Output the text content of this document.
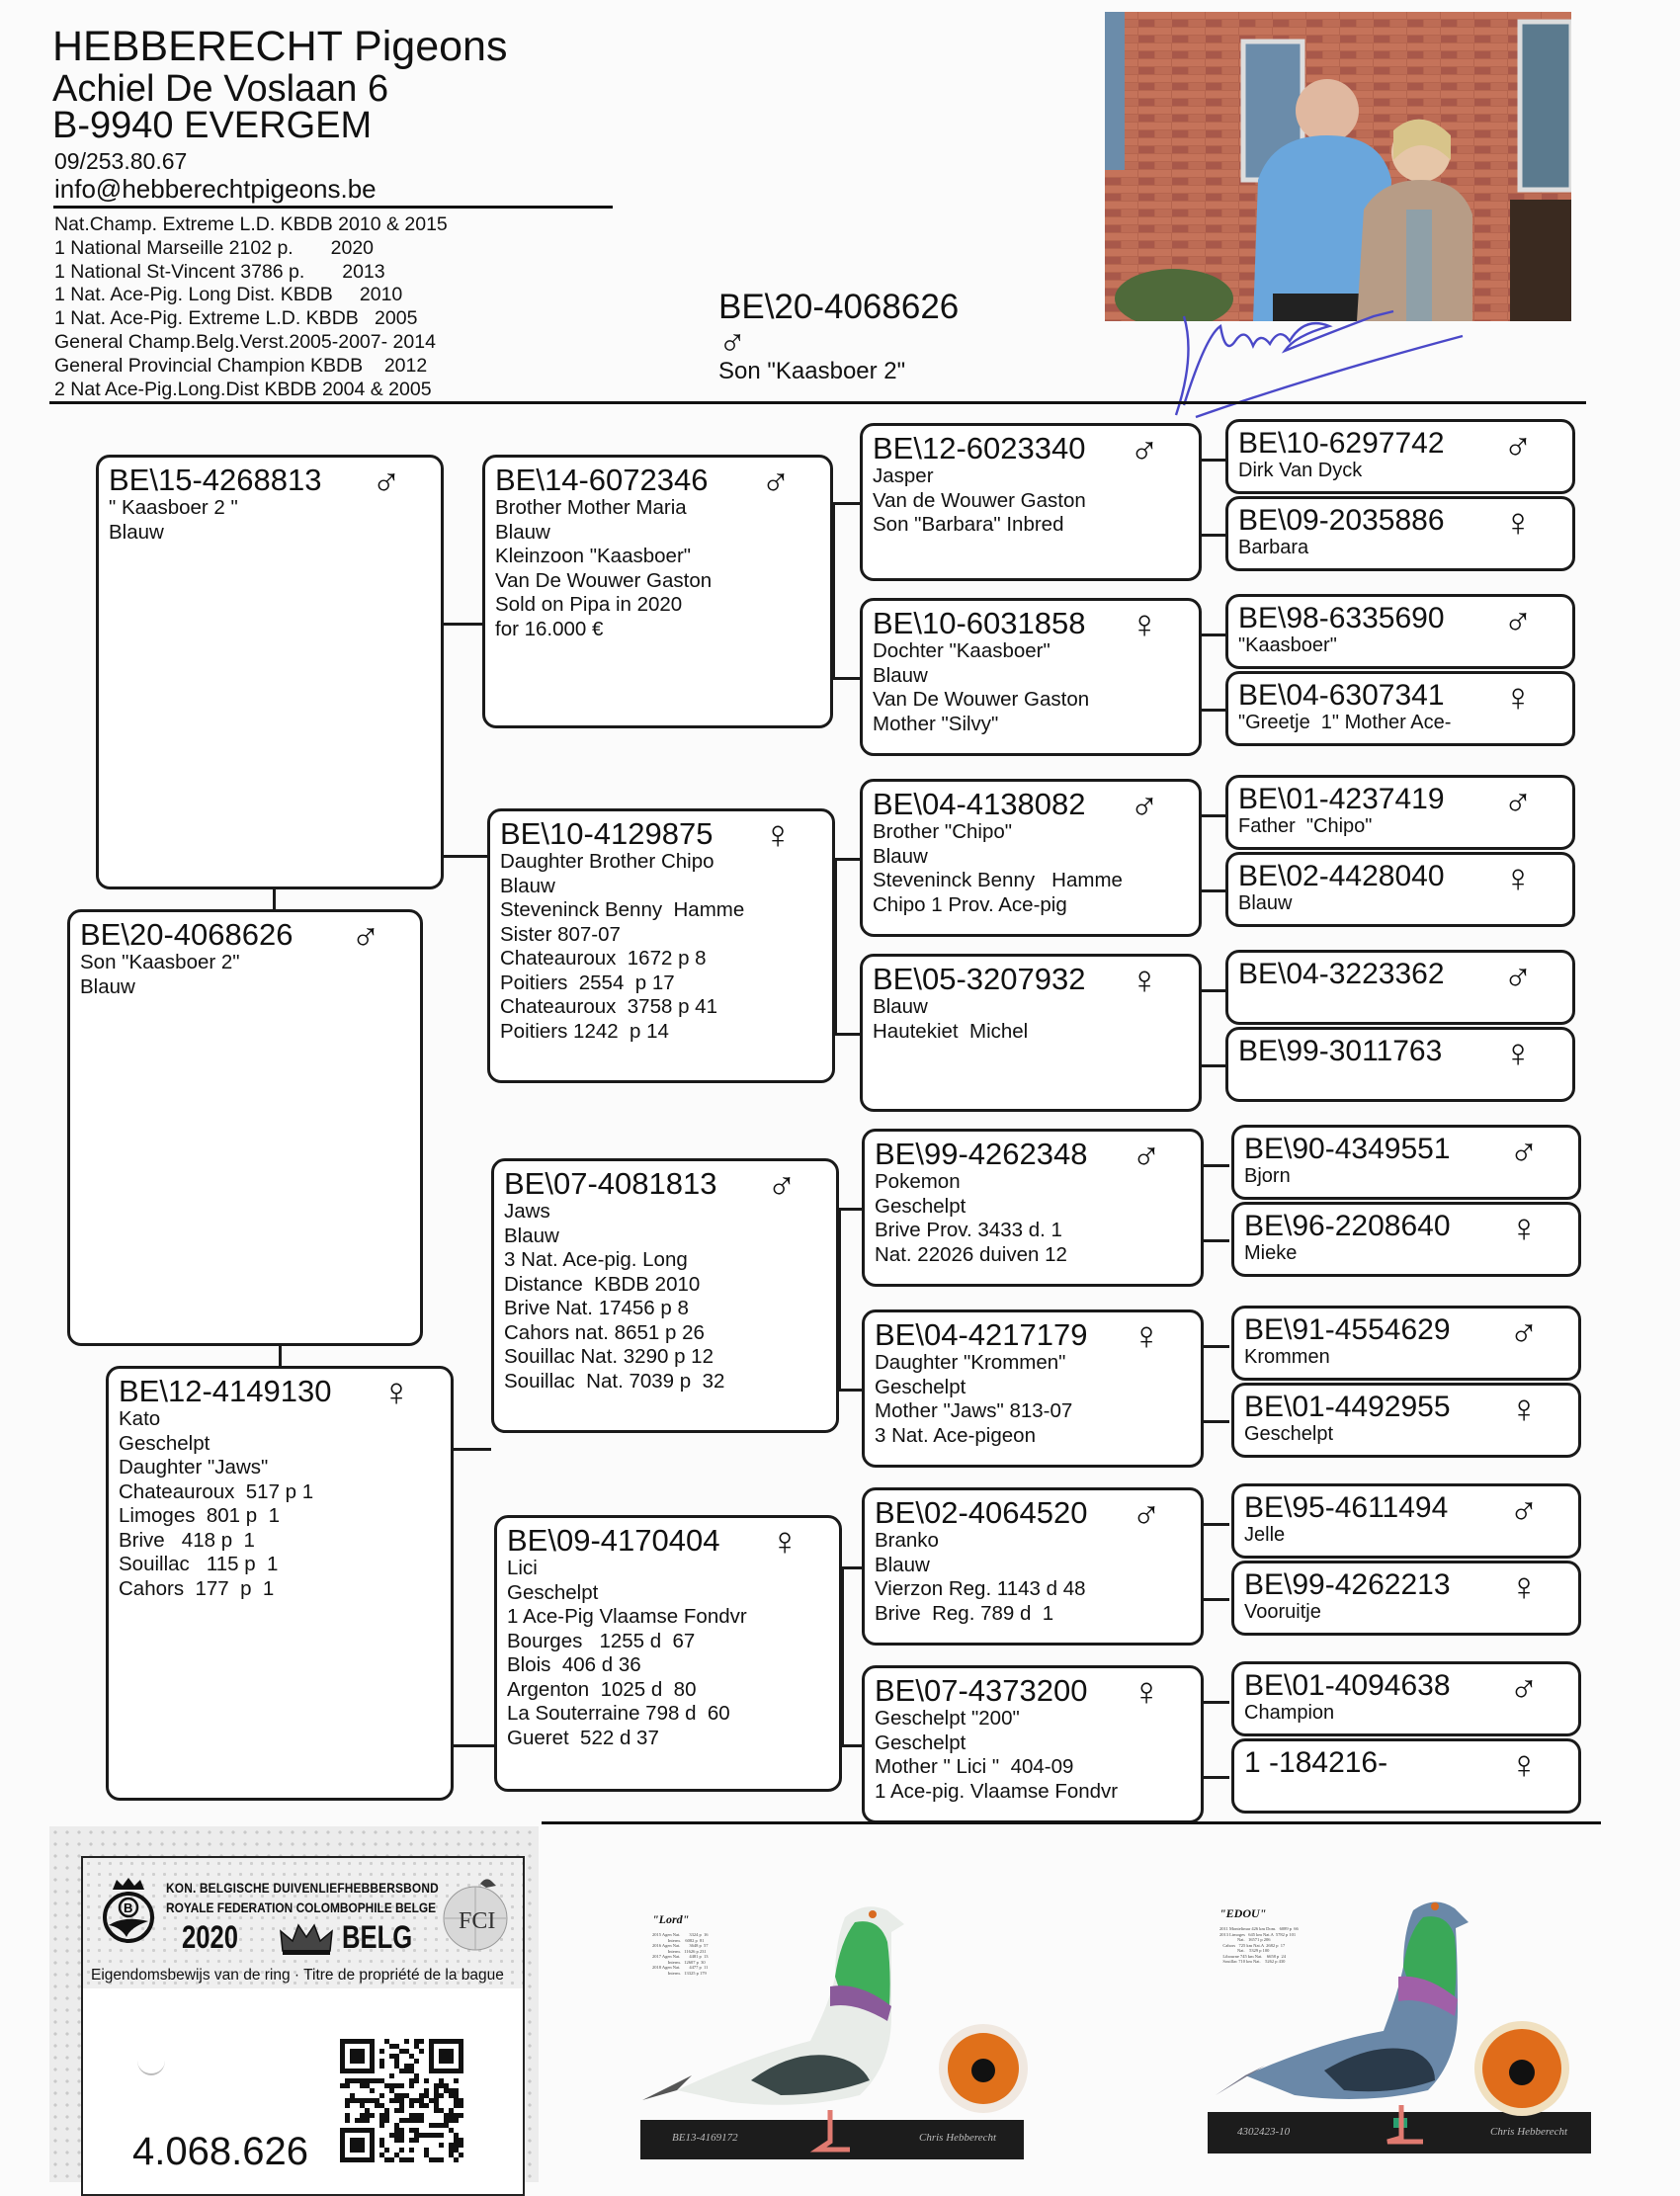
HEBBERECHT Pigeons
Achiel De Voslaan 6
B-9940 EVERGEM
09/253.80.67
info@hebberechtpigeons.be
Nat.Champ. Extreme L.D. KBDB 2010 & 2015
1 National Marseille 2102 p.       2020
1 National St-Vincent 3786 p.       2013
1 Nat. Ace-Pig. Long Dist. KBDB     2010
1 Nat. Ace-Pig. Extreme L.D. KBDB   2005
General Champ.Belg.Verst.2005-2007- 2014
General Provincial Champion KBDB    2012
2 Nat Ace-Pig.Long.Dist KBDB 2004 & 2005
BE\20-4068626
♂
Son "Kaasboer 2"
BE\15-4268813	♂
" Kaasboer 2 "
Blauw
BE\20-4068626	♂
Son "Kaasboer 2"
Blauw
BE\12-4149130	♀
Kato
Geschelpt
Daughter "Jaws"
Chateauroux  517 p 1
Limoges  801 p  1
Brive   418 p  1
Souillac   115 p  1
Cahors  177  p  1
BE\14-6072346	♂
Brother Mother Maria
Blauw
Kleinzoon "Kaasboer"
Van De Wouwer Gaston
Sold on Pipa in 2020
for 16.000 €
BE\10-4129875	♀
Daughter Brother Chipo
Blauw
Steveninck Benny  Hamme
Sister 807-07
Chateauroux  1672 p 8
Poitiers  2554  p 17
Chateauroux  3758 p 41
Poitiers 1242  p 14
BE\07-4081813	♂
Jaws
Blauw
3 Nat. Ace-pig. Long
Distance  KBDB 2010
Brive Nat. 17456 p 8
Cahors nat. 8651 p 26
Souillac Nat. 3290 p 12
Souillac  Nat. 7039 p  32
BE\09-4170404	♀
Lici
Geschelpt
1 Ace-Pig Vlaamse Fondvr
Bourges   1255 d  67
Blois  406 d 36
Argenton  1025 d  80
La Souterraine 798 d  60
Gueret  522 d 37
BE\12-6023340	♂
Jasper
Van de Wouwer Gaston
Son "Barbara" Inbred
BE\10-6031858	♀
Dochter "Kaasboer"
Blauw
Van De Wouwer Gaston
Mother "Silvy"
BE\04-4138082	♂
Brother "Chipo"
Blauw
Steveninck Benny   Hamme
Chipo 1 Prov. Ace-pig
BE\05-3207932	♀
Blauw
Hautekiet  Michel
BE\99-4262348	♂
Pokemon
Geschelpt
Brive Prov. 3433 d. 1
Nat. 22026 duiven 12
BE\04-4217179	♀
Daughter "Krommen"
Geschelpt
Mother "Jaws" 813-07
3 Nat. Ace-pigeon
BE\02-4064520	♂
Branko
Blauw
Vierzon Reg. 1143 d 48
Brive  Reg. 789 d  1
BE\07-4373200	♀
Geschelpt "200"
Geschelpt
Mother " Lici "  404-09
1 Ace-pig. Vlaamse Fondvr
BE\10-6297742	♂
Dirk Van Dyck
BE\09-2035886	♀
Barbara
BE\98-6335690	♂
"Kaasboer"
BE\04-6307341	♀
"Greetje  1" Mother Ace-
BE\01-4237419	♂
Father  "Chipo"
BE\02-4428040	♀
Blauw
BE\04-3223362	♂
BE\99-3011763	♀
BE\90-4349551	♂
Bjorn
BE\96-2208640	♀
Mieke
BE\91-4554629	♂
Krommen
BE\01-4492955	♀
Geschelpt
BE\95-4611494	♂
Jelle
BE\99-4262213	♀
Vooruitje
BE\01-4094638	♂
Champion
1 -184216-	♀
B
KON. BELGISCHE DUIVENLIEFHEBBERSBOND
ROYALE FEDERATION COLOMBOPHILE BELGE
2020	BELG FCI
Eigendomsbewijs van de ring · Titre de propriété de la bague
4.068.626
"Lord"
2015 Agen Nat.        3324 p  16
Interm.    6082 p  81
2016 Agen Nat.        3648 p  57
Interm.   11626 p 231
2017 Agen Nat.        4481 p  13
Interm.   12607 p  30
2018 Agen Nat.        4477 p  11
Interm.   13325 p 179
BE13-4169172	Chris Hebberecht
"EDOU"
2011 Montelimar 426 km Dom.   6089 p  66
2013 Limoges   645 km Nat.A  5782 p 101
Nat.   16571 p 206
Cahors   725 km Nat.A  2682 p  17
Nat.    5329 p 100
Libourne 745 km Nat.    6658 p  24
Souillac 710 km Nat.    5262 p 430
4302423-10	Chris Hebberecht
